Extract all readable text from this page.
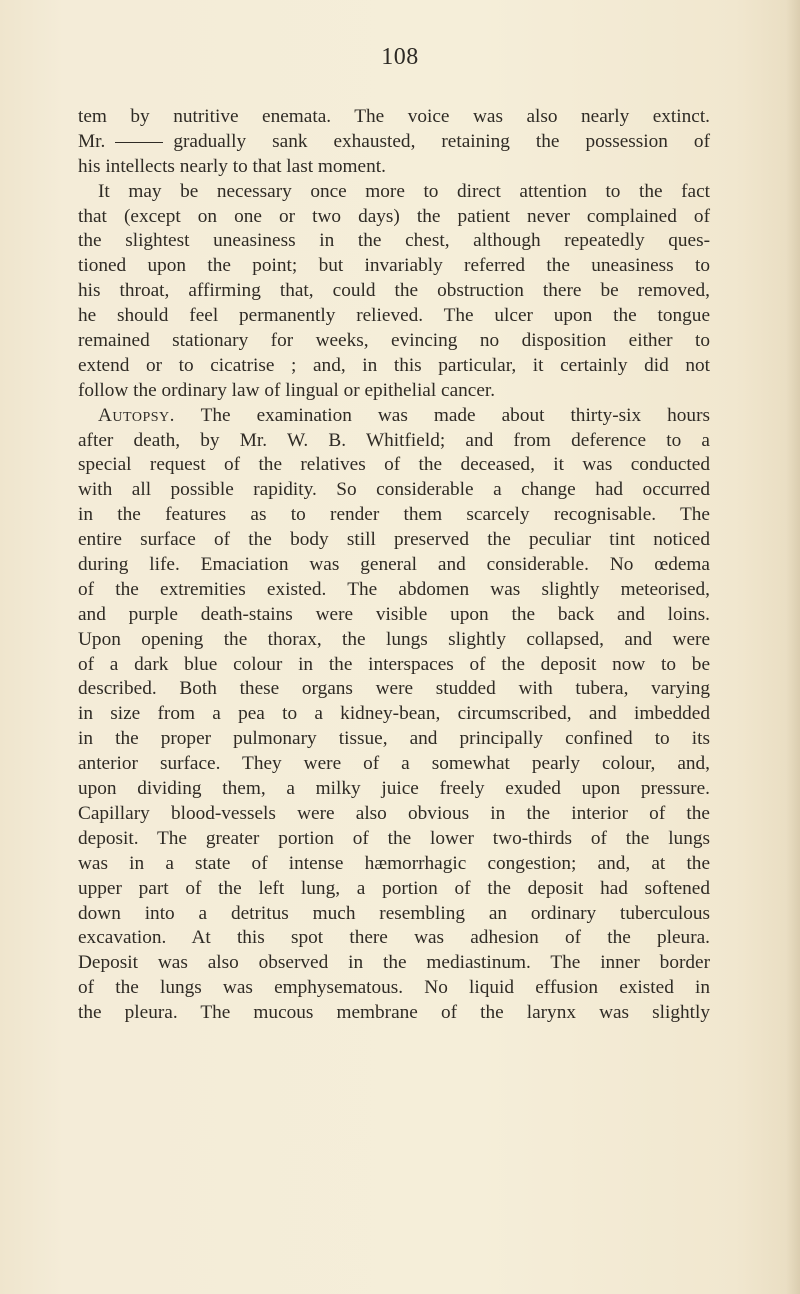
108
tem by nutritive enemata. The voice was also nearly extinct.
Mr.	gradually sank exhausted, retaining the possession of
his intellects nearly to that last moment.
It may be necessary once more to direct attention to the fact
that (except on one or two days) the patient never complained of
the slightest uneasiness in the chest, although repeatedly ques-
tioned upon the point; but invariably referred the uneasiness to
his throat, affirming that, could the obstruction there be removed,
he should feel permanently relieved. The ulcer upon the tongue
remained stationary for weeks, evincing no disposition either to
extend or to cicatrise ; and, in this particular, it certainly did not
follow the ordinary law of lingual or epithelial cancer.
Autopsy. The examination was made about thirty-six hours
after death, by Mr. W. B. Whitfield; and from deference to a
special request of the relatives of the deceased, it was conducted
with all possible rapidity. So considerable a change had occurred
in the features as to render them scarcely recognisable. The
entire surface of the body still preserved the peculiar tint noticed
during life. Emaciation was general and considerable. No œdema
of the extremities existed. The abdomen was slightly meteorised,
and purple death-stains were visible upon the back and loins.
Upon opening the thorax, the lungs slightly collapsed, and were
of a dark blue colour in the interspaces of the deposit now to be
described. Both these organs were studded with tubera, varying
in size from a pea to a kidney-bean, circumscribed, and imbedded
in the proper pulmonary tissue, and principally confined to its
anterior surface. They were of a somewhat pearly colour, and,
upon dividing them, a milky juice freely exuded upon pressure.
Capillary blood-vessels were also obvious in the interior of the
deposit. The greater portion of the lower two-thirds of the lungs
was in a state of intense hæmorrhagic congestion; and, at the
upper part of the left lung, a portion of the deposit had softened
down into a detritus much resembling an ordinary tuberculous
excavation. At this spot there was adhesion of the pleura.
Deposit was also observed in the mediastinum. The inner border
of the lungs was emphysematous. No liquid effusion existed in
the pleura. The mucous membrane of the larynx was slightly
